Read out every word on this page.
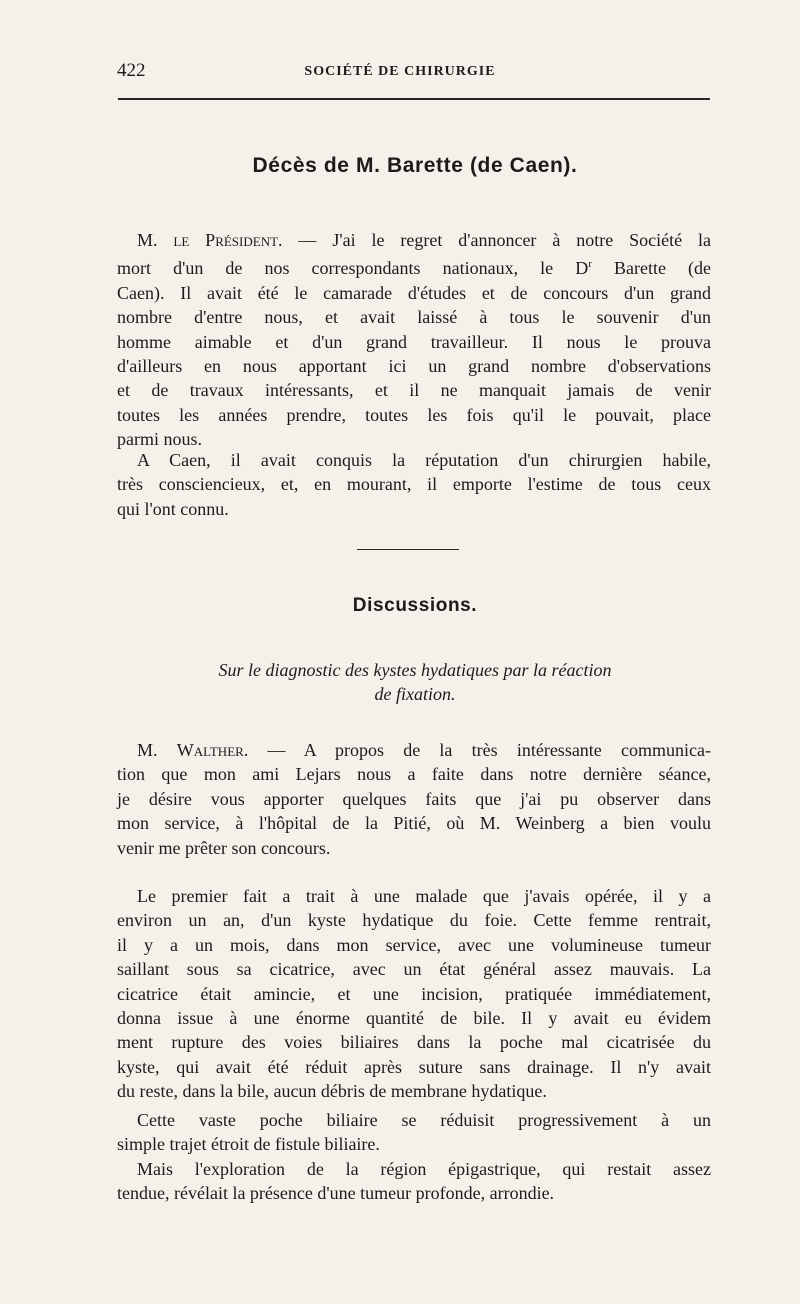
422	SOCIÉTÉ DE CHIRURGIE
Décès de M. Barette (de Caen).
M. le Président. — J'ai le regret d'annoncer à notre Société la
mort d'un de nos correspondants nationaux, le $D^r$ Barette (de
Caen). Il avait été le camarade d'études et de concours d'un grand
nombre d'entre nous, et avait laissé à tous le souvenir d'un
homme aimable et d'un grand travailleur. Il nous le prouva
d'ailleurs en nous apportant ici un grand nombre d'observations
et de travaux intéressants, et il ne manquait jamais de venir
toutes les années prendre, toutes les fois qu'il le pouvait, place
parmi nous.
A Caen, il avait conquis la réputation d'un chirurgien habile,
très consciencieux, et, en mourant, il emporte l'estime de tous ceux
qui l'ont connu.
Discussions.
Sur le diagnostic des kystes hydatiques par la réaction
de fixation.
M. Walther. — A propos de la très intéressante communica-
tion que mon ami Lejars nous a faite dans notre dernière séance,
je désire vous apporter quelques faits que j'ai pu observer dans
mon service, à l'hôpital de la Pitié, où M. Weinberg a bien voulu
venir me prêter son concours.
Le premier fait a trait à une malade que j'avais opérée, il y a
environ un an, d'un kyste hydatique du foie. Cette femme rentrait,
il y a un mois, dans mon service, avec une volumineuse tumeur
saillant sous sa cicatrice, avec un état général assez mauvais. La
cicatrice était amincie, et une incision, pratiquée immédiatement,
donna issue à une énorme quantité de bile. Il y avait eu évidem
ment rupture des voies biliaires dans la poche mal cicatrisée du
kyste, qui avait été réduit après suture sans drainage. Il n'y avait
du reste, dans la bile, aucun débris de membrane hydatique.
Cette vaste poche biliaire se réduisit progressivement à un
simple trajet étroit de fistule biliaire.
Mais l'exploration de la région épigastrique, qui restait assez
tendue, révélait la présence d'une tumeur profonde, arrondie.
